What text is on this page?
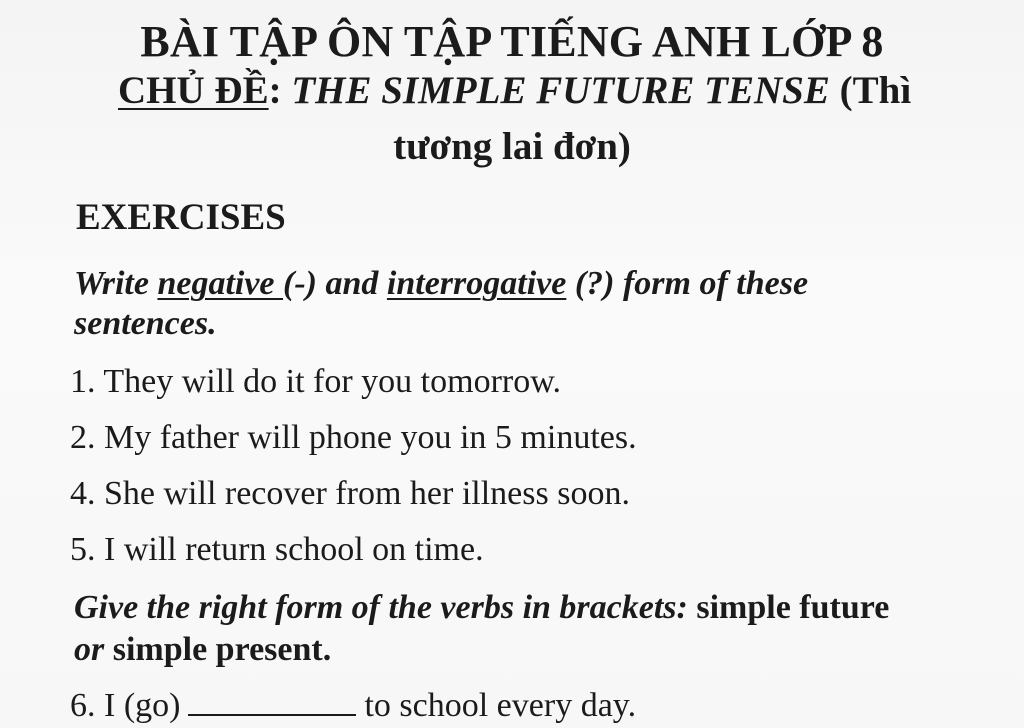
BÀI TẬP ÔN TẬP TIẾNG ANH LỚP 8
CHỦ ĐỀ: THE SIMPLE FUTURE TENSE (Thì
tương lai đơn)
EXERCISES
Write negative (-) and interrogative (?) form of these
sentences.
1. They will do it for you tomorrow.
2. My father will phone you in 5 minutes.
4. She will recover from her illness soon.
5. I will return school on time.
Give the right form of the verbs in brackets: simple future
or simple present.
6. I (go)	to school every day.
